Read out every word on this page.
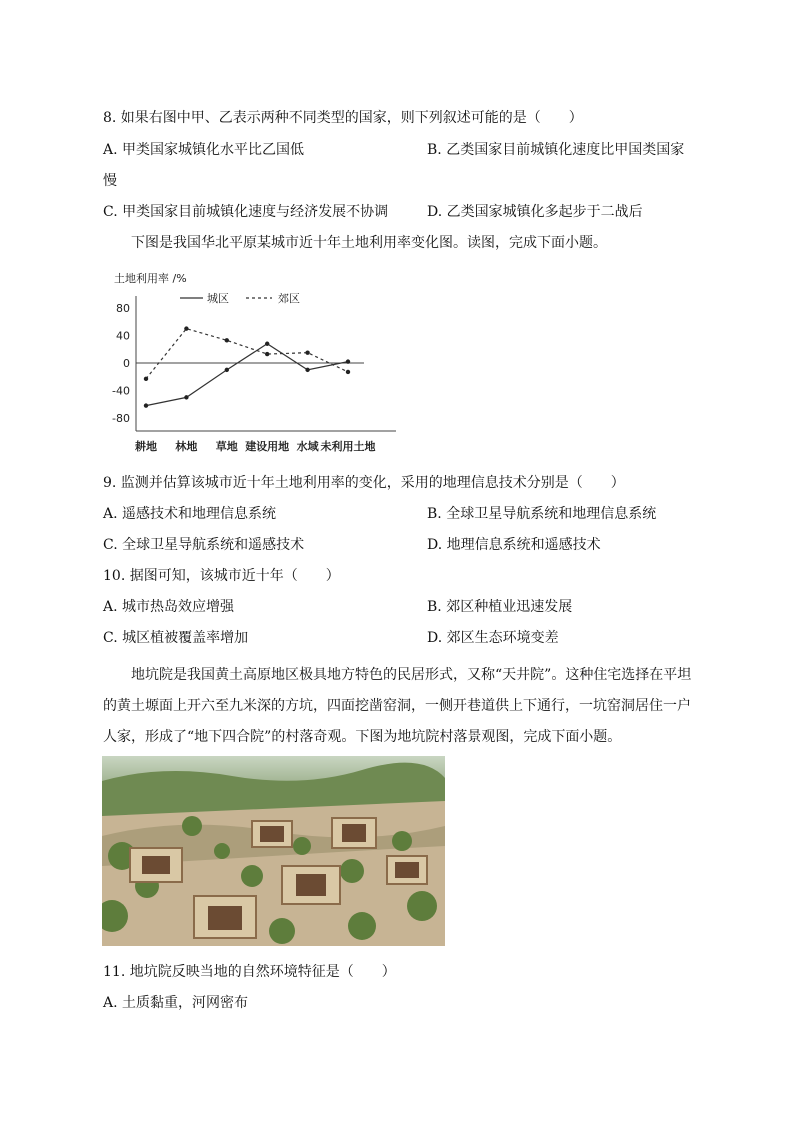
8. 如果右图中甲、乙表示两种不同类型的国家，则下列叙述可能的是（　　）
A. 甲类国家城镇化水平比乙国低	B. 乙类国家目前城镇化速度比甲国类国家
慢
C. 甲类国家目前城镇化速度与经济发展不协调	D. 乙类国家城镇化多起步于二战后
下图是我国华北平原某城市近十年土地利用率变化图。读图，完成下面小题。
土地利用率 /%
城区	郊区
80
40
0
-40
-80
耕地 林地 草地 建设用地 水域 未利用土地
9. 监测并估算该城市近十年土地利用率的变化，采用的地理信息技术分别是（　　）
A. 遥感技术和地理信息系统	B. 全球卫星导航系统和地理信息系统
C. 全球卫星导航系统和遥感技术	D. 地理信息系统和遥感技术
10. 据图可知，该城市近十年（　　）
A. 城市热岛效应增强	B. 郊区种植业迅速发展
C. 城区植被覆盖率增加	D. 郊区生态环境变差
地坑院是我国黄土高原地区极具地方特色的民居形式，又称“天井院”。这种住宅选择在平坦的黄土塬面上开六至九米深的方坑，四面挖凿窑洞，一侧开巷道供上下通行，一坑窑洞居住一户人家，形成了“地下四合院”的村落奇观。下图为地坑院村落景观图，完成下面小题。
11. 地坑院反映当地的自然环境特征是（　　）
A. 土质黏重，河网密布
